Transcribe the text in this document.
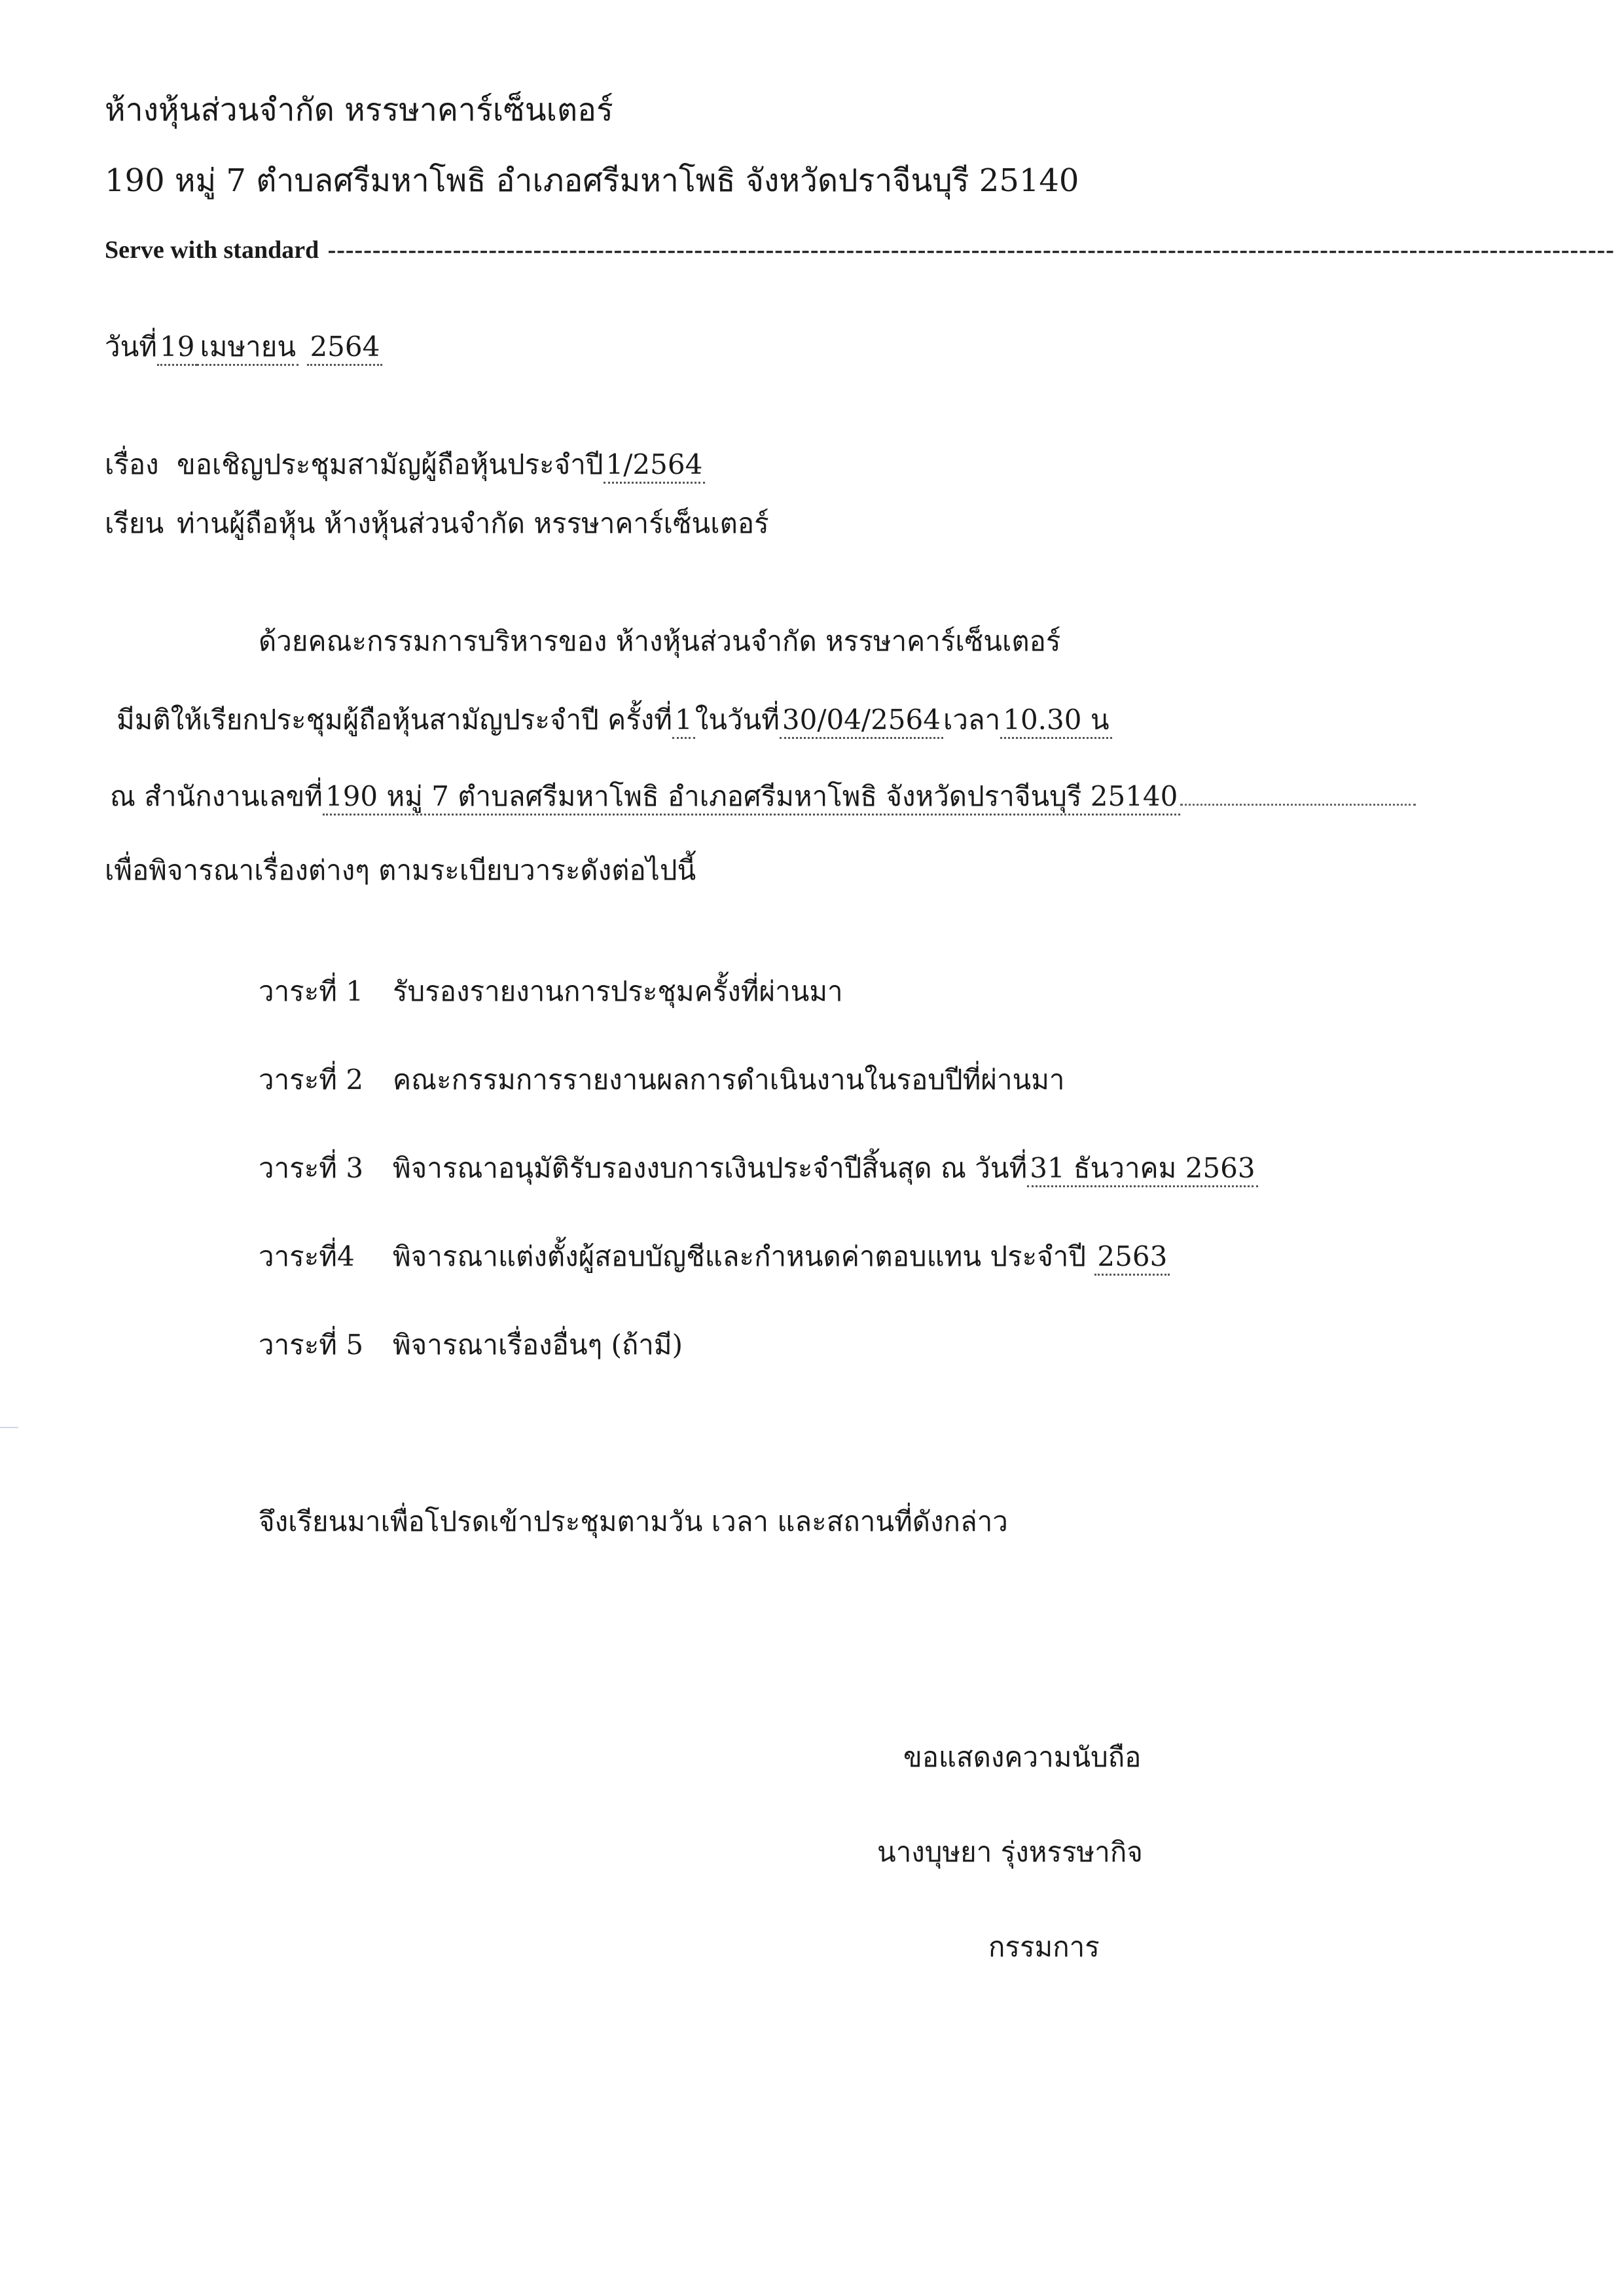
ห้างหุ้นส่วนจำกัด หรรษาคาร์เซ็นเตอร์
190 หมู่ 7 ตำบลศรีมหาโพธิ อำเภอศรีมหาโพธิ จังหวัดปราจีนบุรี 25140
Serve with standard ------------------------------------------------------------------------------------------------------------------------------------------------
วันที่19 เมษายน 2564
เรื่อง ขอเชิญประชุมสามัญผู้ถือหุ้นประจำปี1/2564
เรียน ท่านผู้ถือหุ้น ห้างหุ้นส่วนจำกัด หรรษาคาร์เซ็นเตอร์
ด้วยคณะกรรมการบริหารของ ห้างหุ้นส่วนจำกัด หรรษาคาร์เซ็นเตอร์
มีมติให้เรียกประชุมผู้ถือหุ้นสามัญประจำปี ครั้งที่1ในวันที่30/04/2564เวลา10.30 น
ณ สำนักงานเลขที่190 หมู่ 7 ตำบลศรีมหาโพธิ อำเภอศรีมหาโพธิ จังหวัดปราจีนบุรี 25140
เพื่อพิจารณาเรื่องต่างๆ ตามระเบียบวาระดังต่อไปนี้
วาระที่ 1 รับรองรายงานการประชุมครั้งที่ผ่านมา
วาระที่ 2 คณะกรรมการรายงานผลการดำเนินงานในรอบปีที่ผ่านมา
วาระที่ 3 พิจารณาอนุมัติรับรองงบการเงินประจำปีสิ้นสุด ณ วันที่31 ธันวาคม 2563
วาระที่4 พิจารณาแต่งตั้งผู้สอบบัญชีและกำหนดค่าตอบแทน ประจำปี 2563
วาระที่ 5 พิจารณาเรื่องอื่นๆ (ถ้ามี)
จึงเรียนมาเพื่อโปรดเข้าประชุมตามวัน เวลา และสถานที่ดังกล่าว
ขอแสดงความนับถือ
นางบุษยา รุ่งหรรษากิจ
กรรมการ
